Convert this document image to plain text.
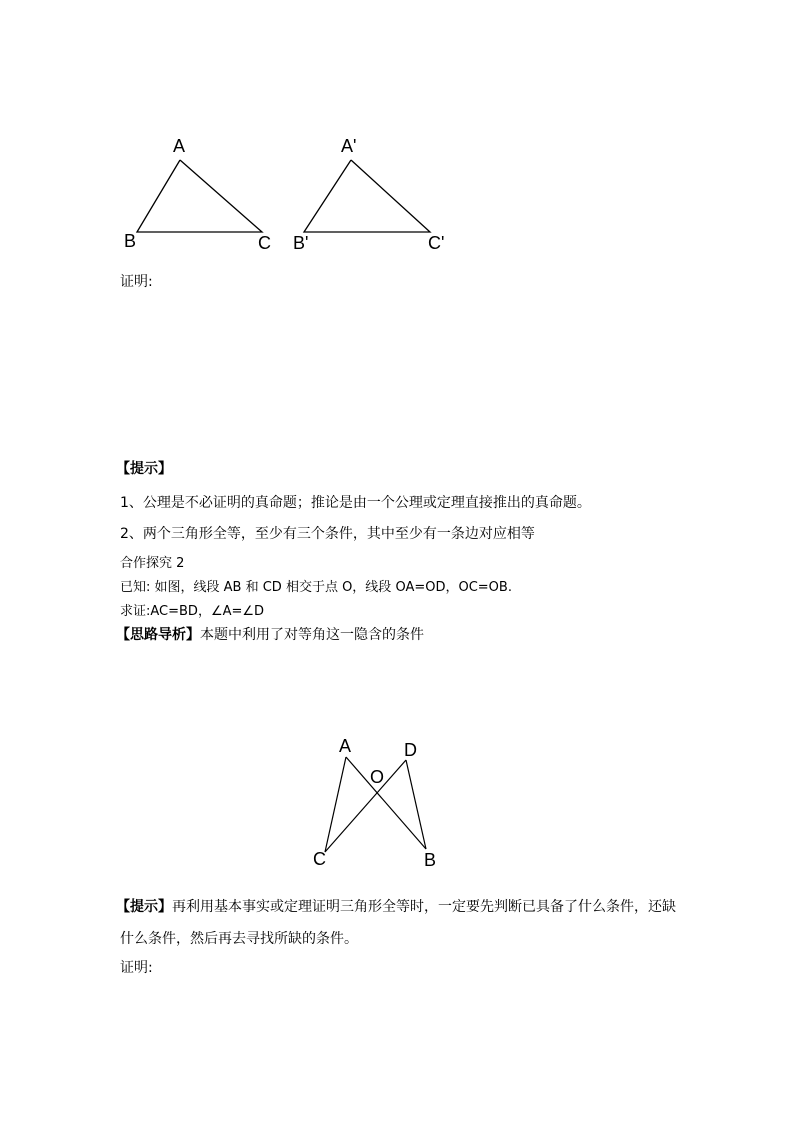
A
B	C
A'
B'	C'
证明:
【提示】
1、公理是不必证明的真命题；推论是由一个公理或定理直接推出的真命题。
2、两个三角形全等，至少有三个条件，其中至少有一条边对应相等
合作探究 2
已知: 如图，线段 AB 和 CD 相交于点 O，线段 OA=OD，OC=OB.
求证:AC=BD，∠A=∠D
【思路导析】本题中利用了对等角这一隐含的条件
A	D
O
C	B
【提示】再利用基本事实或定理证明三角形全等时，一定要先判断已具备了什么条件，还缺
什么条件，然后再去寻找所缺的条件。
证明:
